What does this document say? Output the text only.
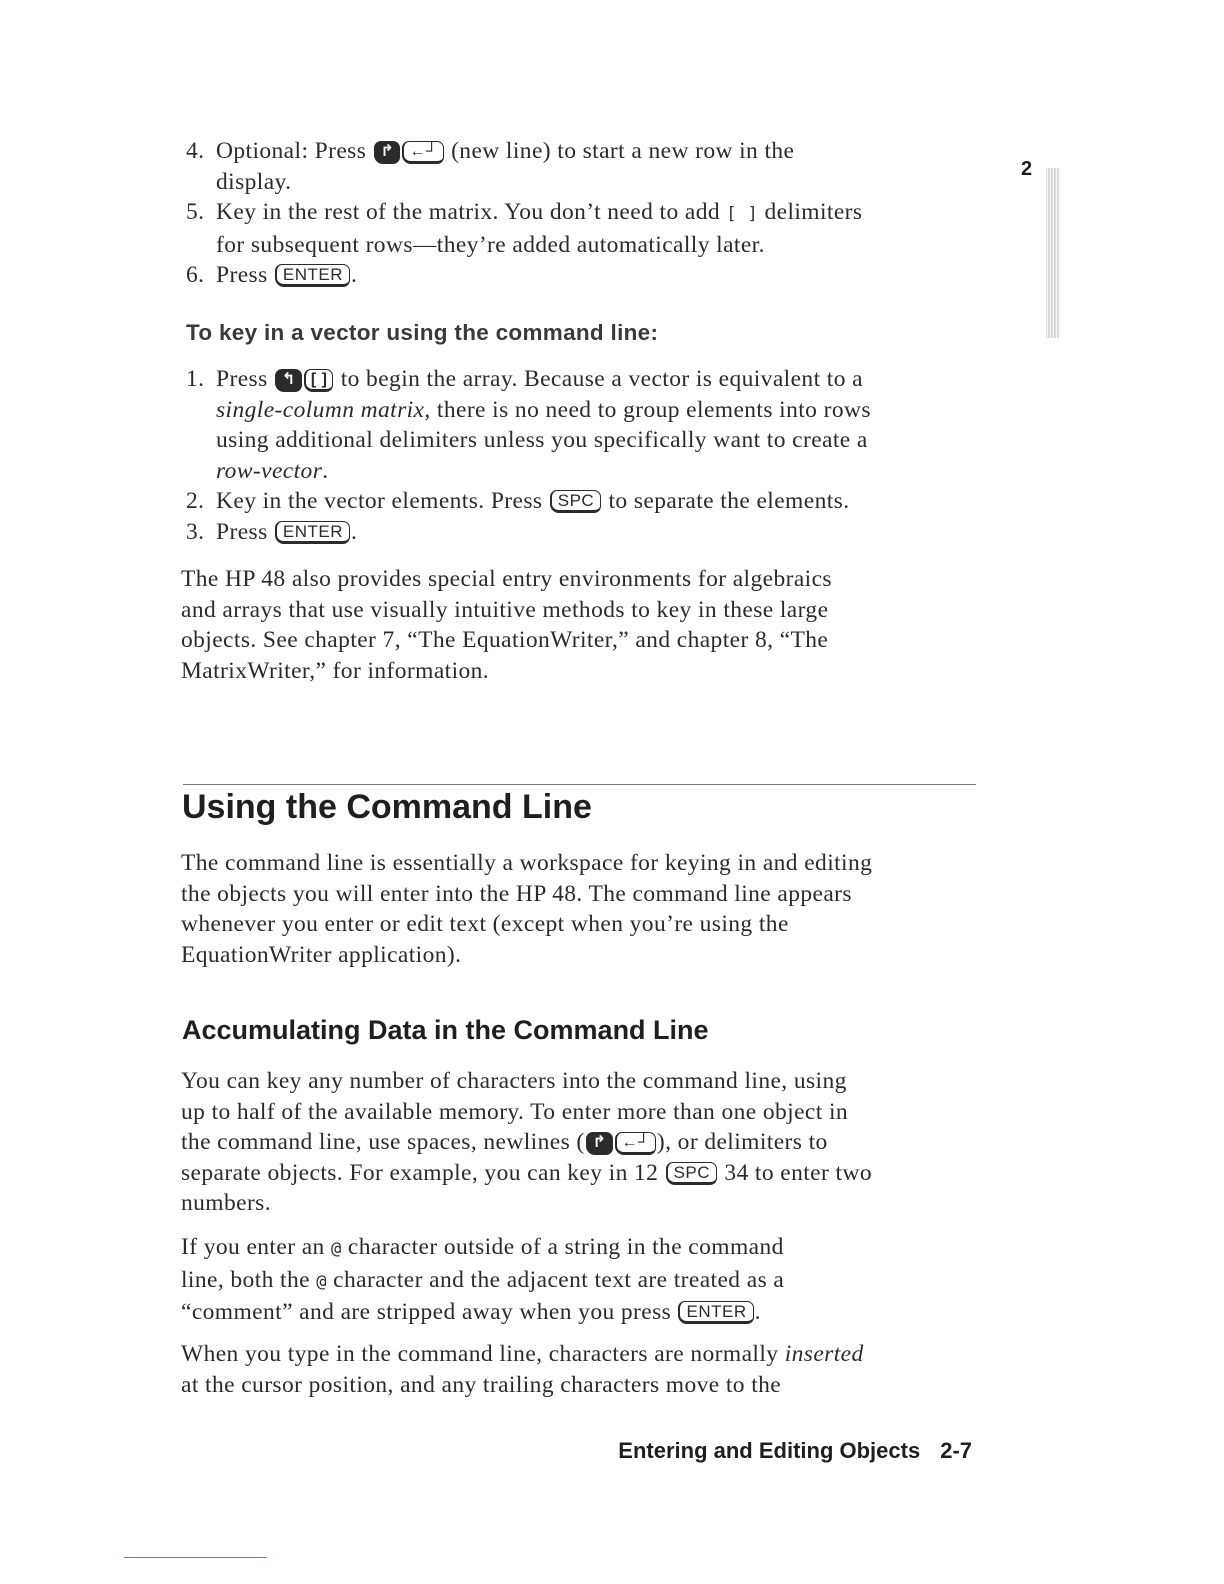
2
4. Optional: Press ↱ ←┘ (new line) to start a new row in the
display.
5. Key in the rest of the matrix. You don’t need to add [ ] delimiters
for subsequent rows—they’re added automatically later.
6. Press ENTER .
To key in a vector using the command line:
1. Press ↰ [ ] to begin the array. Because a vector is equivalent to a
single-column matrix, there is no need to group elements into rows
using additional delimiters unless you specifically want to create a
row-vector.
2. Key in the vector elements. Press SPC to separate the elements.
3. Press ENTER .
The HP 48 also provides special entry environments for algebraics
and arrays that use visually intuitive methods to key in these large
objects. See chapter 7, “The EquationWriter,” and chapter 8, “The
MatrixWriter,” for information.
Using the Command Line
The command line is essentially a workspace for keying in and editing
the objects you will enter into the HP 48. The command line appears
whenever you enter or edit text (except when you’re using the
EquationWriter application).
Accumulating Data in the Command Line
You can key any number of characters into the command line, using
up to half of the available memory. To enter more than one object in
the command line, use spaces, newlines ( ↱ ←┘ ), or delimiters to
separate objects. For example, you can key in 12 SPC 34 to enter two
numbers.
If you enter an @ character outside of a string in the command
line, both the @ character and the adjacent text are treated as a
“comment” and are stripped away when you press ENTER .
When you type in the command line, characters are normally inserted
at the cursor position, and any trailing characters move to the
Entering and Editing Objects 2-7
